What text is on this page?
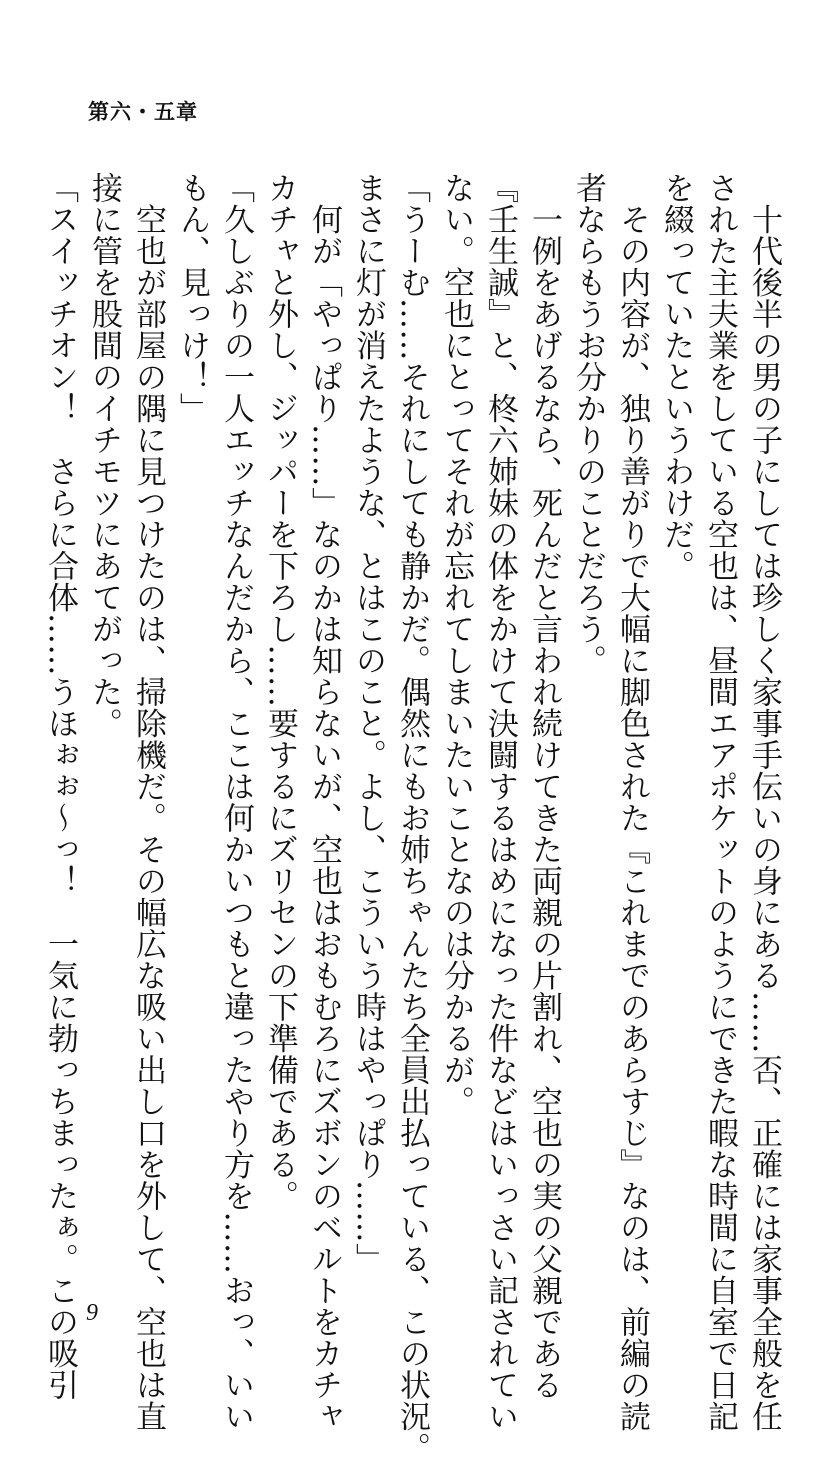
第六・五章
　十代後半の男の子にしては珍しく家事手伝いの身にある……否、正確には家事全般を任
された主夫業をしている空也は、昼間エアポケットのようにできた暇な時間に自室で日記
を綴っていたというわけだ。
　その内容が、独り善がりで大幅に脚色された『これまでのあらすじ』なのは、前編の読
者ならもうお分かりのことだろう。
　一例をあげるなら、死んだと言われ続けてきた両親の片割れ、空也の実の父親である
『壬生誠』と、柊六姉妹の体をかけて決闘するはめになった件などはいっさい記されてい
ない。空也にとってそれが忘れてしまいたいことなのは分かるが。
「うーむ……それにしても静かだ。偶然にもお姉ちゃんたち全員出払っている、この状況。
まさに灯が消えたような、とはこのこと。よし、こういう時はやっぱり……」
　何が「やっぱり……」なのかは知らないが、空也はおもむろにズボンのベルトをカチャ
カチャと外し、ジッパーを下ろし……要するにズリセンの下準備である。
「久しぶりの一人エッチなんだから、ここは何かいつもと違ったやり方を……おっ、いい
もん、見っけ！」
　空也が部屋の隅に見つけたのは、掃除機だ。その幅広な吸い出し口を外して、空也は直
接に管を股間のイチモツにあてがった。
「スイッチオン！　さらに合体……うほぉぉ～っ！　一気に勃っちまったぁ。この吸引 9
